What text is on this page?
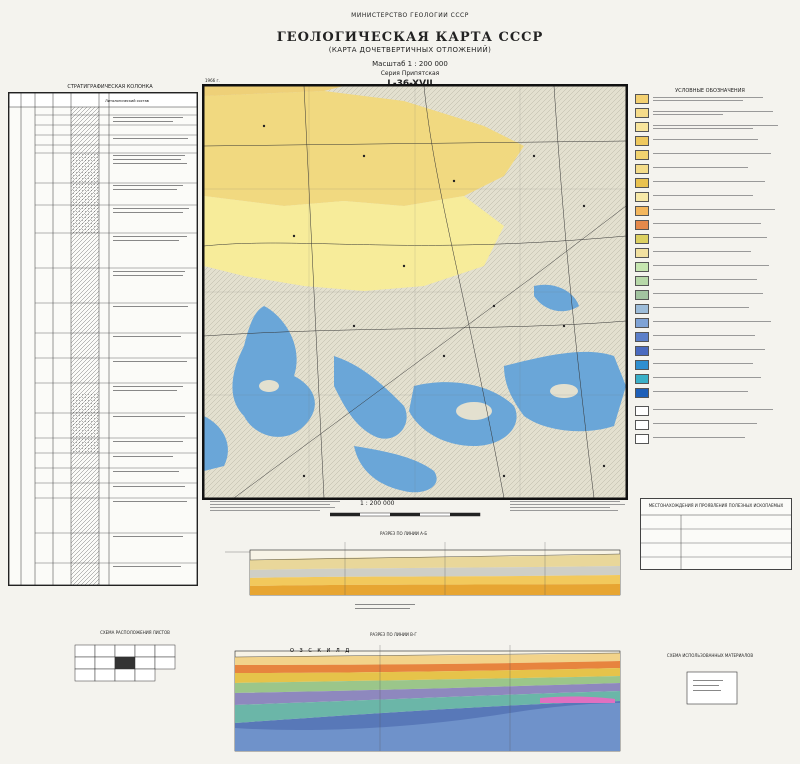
МИНИСТЕРСТВО ГЕОЛОГИИ СССР
ГЕОЛОГИЧЕСКАЯ КАРТА СССР
(КАРТА ДОЧЕТВЕРТИЧНЫХ ОТЛОЖЕНИЙ)
Масштаб 1 : 200 000
Серия Припятская
1966 г.
СТРАТИГРАФИЧЕСКАЯ КОЛОНКА
Литологический состав
УСЛОВНЫЕ ОБОЗНАЧЕНИЯ
1 : 200 000	МЕСТОНАХОЖДЕНИЯ И ПРОЯВЛЕНИЯ ПОЛЕЗНЫХ ИСКОПАЕМЫХ
РАЗРЕЗ ПО ЛИНИИ А-Б
СХЕМА РАСПОЛОЖЕНИЯ ЛИСТОВ	РАЗРЕЗ ПО ЛИНИИ В-Г
О З С К И Л Д
СХЕМА ИСПОЛЬЗОВАННЫХ МАТЕРИАЛОВ
